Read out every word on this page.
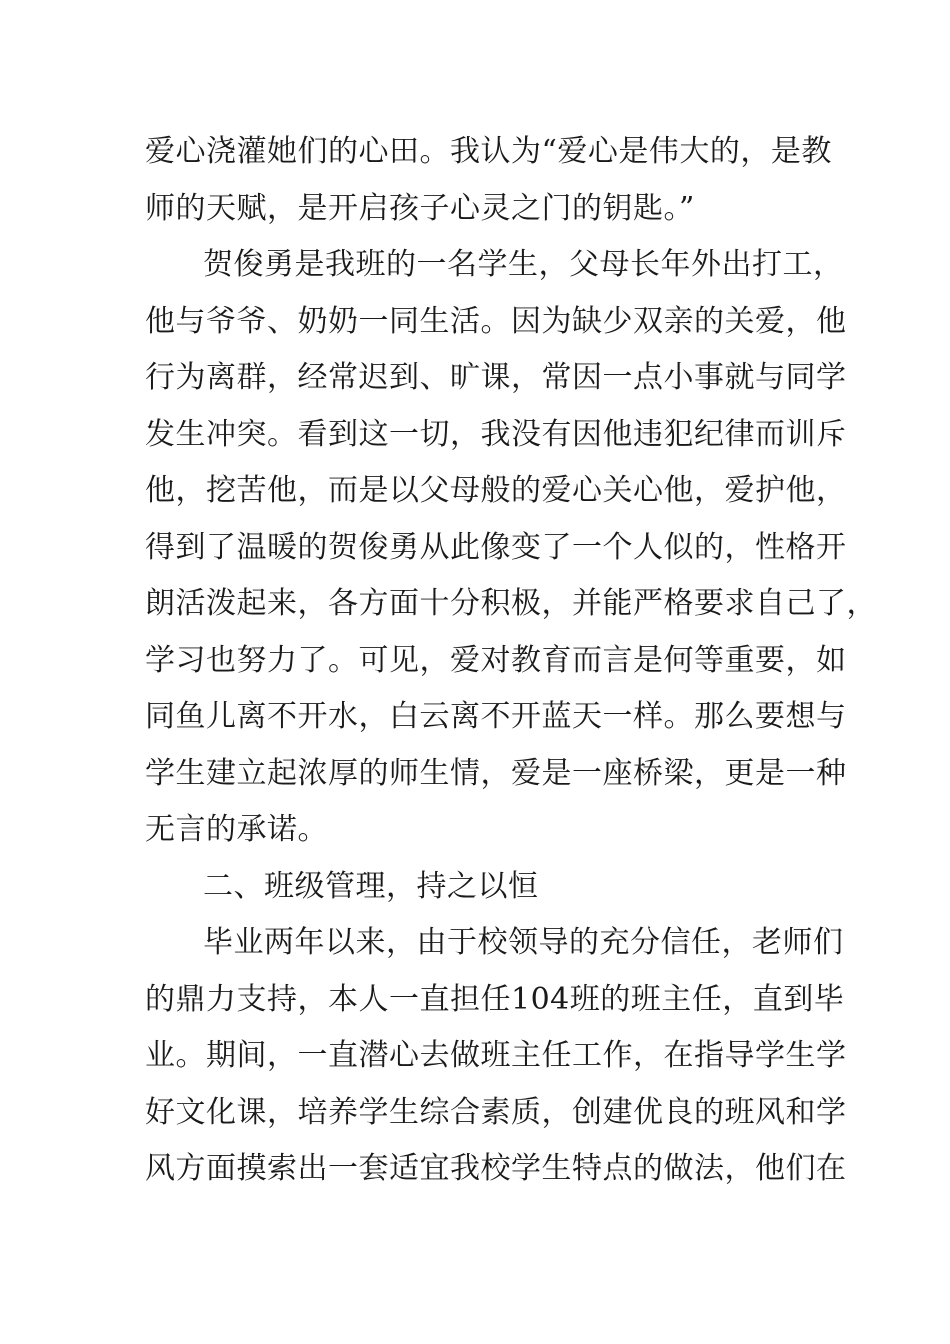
爱心浇灌她们的心田。我认为“爱心是伟大的，是教
师的天赋，是开启孩子心灵之门的钥匙。”
贺俊勇是我班的一名学生，父母长年外出打工，
他与爷爷、奶奶一同生活。因为缺少双亲的关爱，他
行为离群，经常迟到、旷课，常因一点小事就与同学
发生冲突。看到这一切，我没有因他违犯纪律而训斥
他，挖苦他，而是以父母般的爱心关心他，爱护他，
得到了温暖的贺俊勇从此像变了一个人似的，性格开
朗活泼起来，各方面十分积极，并能严格要求自己了，
学习也努力了。可见，爱对教育而言是何等重要，如
同鱼儿离不开水，白云离不开蓝天一样。那么要想与
学生建立起浓厚的师生情，爱是一座桥梁，更是一种
无言的承诺。
二、班级管理，持之以恒
毕业两年以来，由于校领导的充分信任，老师们
的鼎力支持，本人一直担任104班的班主任，直到毕
业。期间，一直潜心去做班主任工作，在指导学生学
好文化课，培养学生综合素质，创建优良的班风和学
风方面摸索出一套适宜我校学生特点的做法，他们在
